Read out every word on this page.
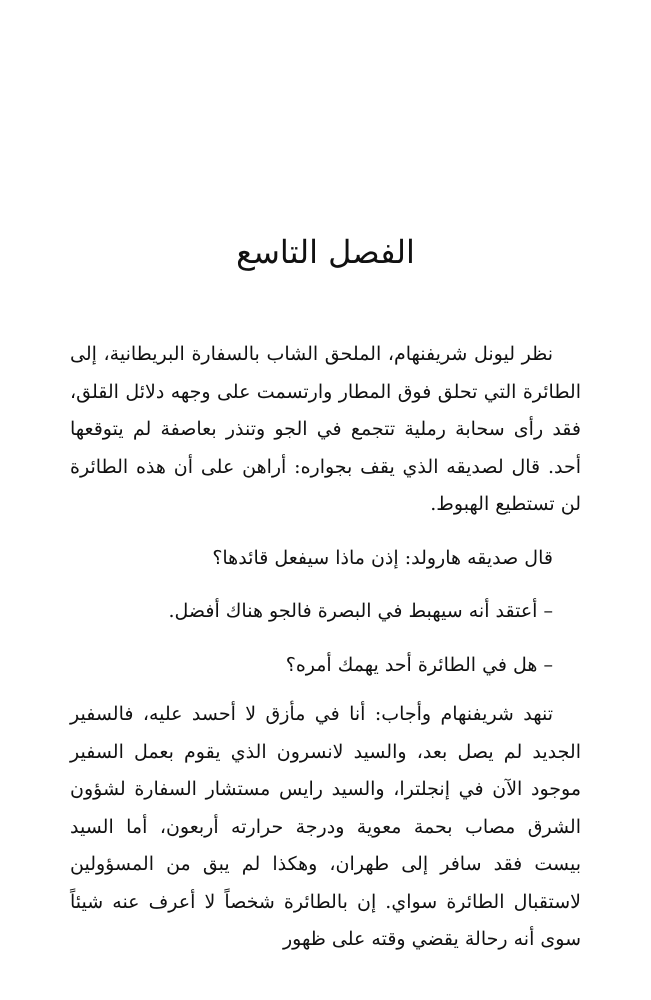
الفصل التاسع

نظر ليونل شريفنهام، الملحق الشاب بالسفارة البريطانية، إلى الطائرة التي تحلق فوق المطار وارتسمت على وجهه دلائل القلق، فقد رأى سحابة رملية تتجمع في الجو وتنذر بعاصفة لم يتوقعها أحد. قال لصديقه الذي يقف بجواره: أراهن على أن هذه الطائرة لن تستطيع الهبوط.

قال صديقه هارولد: إذن ماذا سيفعل قائدها؟

– أعتقد أنه سيهبط في البصرة فالجو هناك أفضل.

– هل في الطائرة أحد يهمك أمره؟

تنهد شريفنهام وأجاب: أنا في مأزق لا أحسد عليه، فالسفير الجديد لم يصل بعد، والسيد لانسرون الذي يقوم بعمل السفير موجود الآن في إنجلترا، والسيد رايس مستشار السفارة لشؤون الشرق مصاب بحمة معوية ودرجة حرارته أربعون، أما السيد بيست فقد سافر إلى طهران، وهكذا لم يبق من المسؤولين لاستقبال الطائرة سواي. إن بالطائرة شخصاً لا أعرف عنه شيئاً سوى أنه رحالة يقضي وقته على ظهور
